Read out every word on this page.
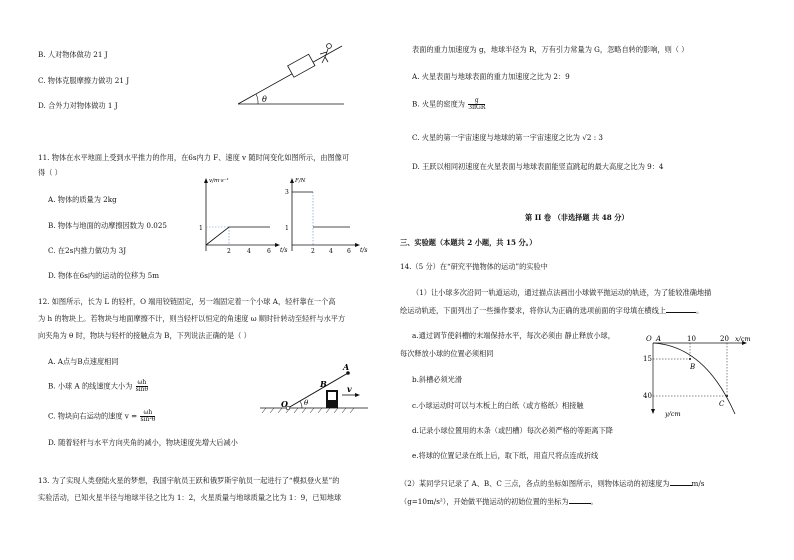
B. 人对物体做功 21 J
C. 物体克服摩擦力做功 21 J
D. 合外力对物体做功 1 J
θ
11. 物体在水平地面上受到水平推力的作用，在6s内力 F、速度 v 随时间变化如图所示，由图像可
得（ ）
A. 物体的质量为 2kg
B. 物体与地面的动摩擦因数为 0.025
C. 在2s内推力做功为 3J
D. 物体在6s内的运动的位移为 5m
v/m·s⁻¹
t/s
1
2	4	6
F/N
t/s
3
1
2 4 6
12. 如图所示，长为 L 的轻杆，O 端用铰链固定，另一端固定着一个小球 A，轻杆靠在一个高
为 h 的物块上。若物块与地面摩擦不计，则当轻杆以恒定的角速度 ω 顺时针转动至轻杆与水平方
向夹角为 θ 时，物块与轻杆的接触点为 B，下列说法正确的是（ ）
A. A点与B点速度相同
B. 小球 A 的线速度大小为 $\frac{\omega h}{\sin\theta}$
C. 物块向右运动的速度 $v = \frac{\omega h}{\text{sin²θ}}$
D. 随着轻杆与水平方向夹角的减小，物块速度先增大后减小
θ
O
B
A
v
13. 为了实现人类登陆火星的梦想，我国宇航员王跃和俄罗斯宇航员一起进行了“模拟登火星”的
实验活动，已知火星半径与地球半径之比为 1：2，火星质量与地球质量之比为 1：9，已知地球
表面的重力加速度为 g，地球半径为 R，万有引力常量为 G，忽略自转的影响，则（ ）
A. 火星表面与地球表面的重力加速度之比为 2：9
B. 火星的密度为 $\frac{g}{\text{3πGR}}$
C. 火星的第一宇宙速度与地球的第一宇宙速度之比为 √2 : 3
D. 王跃以相同初速度在火星表面与地球表面能竖直跳起的最大高度之比为 9：4
第 II 卷 （非选择题 共 48 分）
三、实验题（本题共 2 小题，共 15 分。）
14.（5 分）在“研究平抛物体的运动”的实验中
（1）让小球多次沿同一轨道运动，通过描点法画出小球做平抛运动的轨迹，为了能较准确地描
绘运动轨迹，下面列出了一些操作要求，将你认为正确的选项前面的字母填在横线上	。
a.通过调节使斜槽的末端保持水平，每次必须由 静止释放小球，
每次释放小球的位置必须相同
b.斜槽必须光滑
c.小球运动时可以与木板上的白纸（或方格纸）相接触
d.记录小球位置用的木条（或凹槽）每次必须严格的等距离下降
e.将球的位置记录在纸上后，取下纸，用直尺将点连成折线
（2）某同学只记录了 A、B、C 三点，各点的坐标如图所示，则物体运动的初速度为	m/s
（g=10m/s²），开始做平抛运动的初始位置的坐标为	。
O A	10	20 x/cm
15
40
y/cm
B
C
